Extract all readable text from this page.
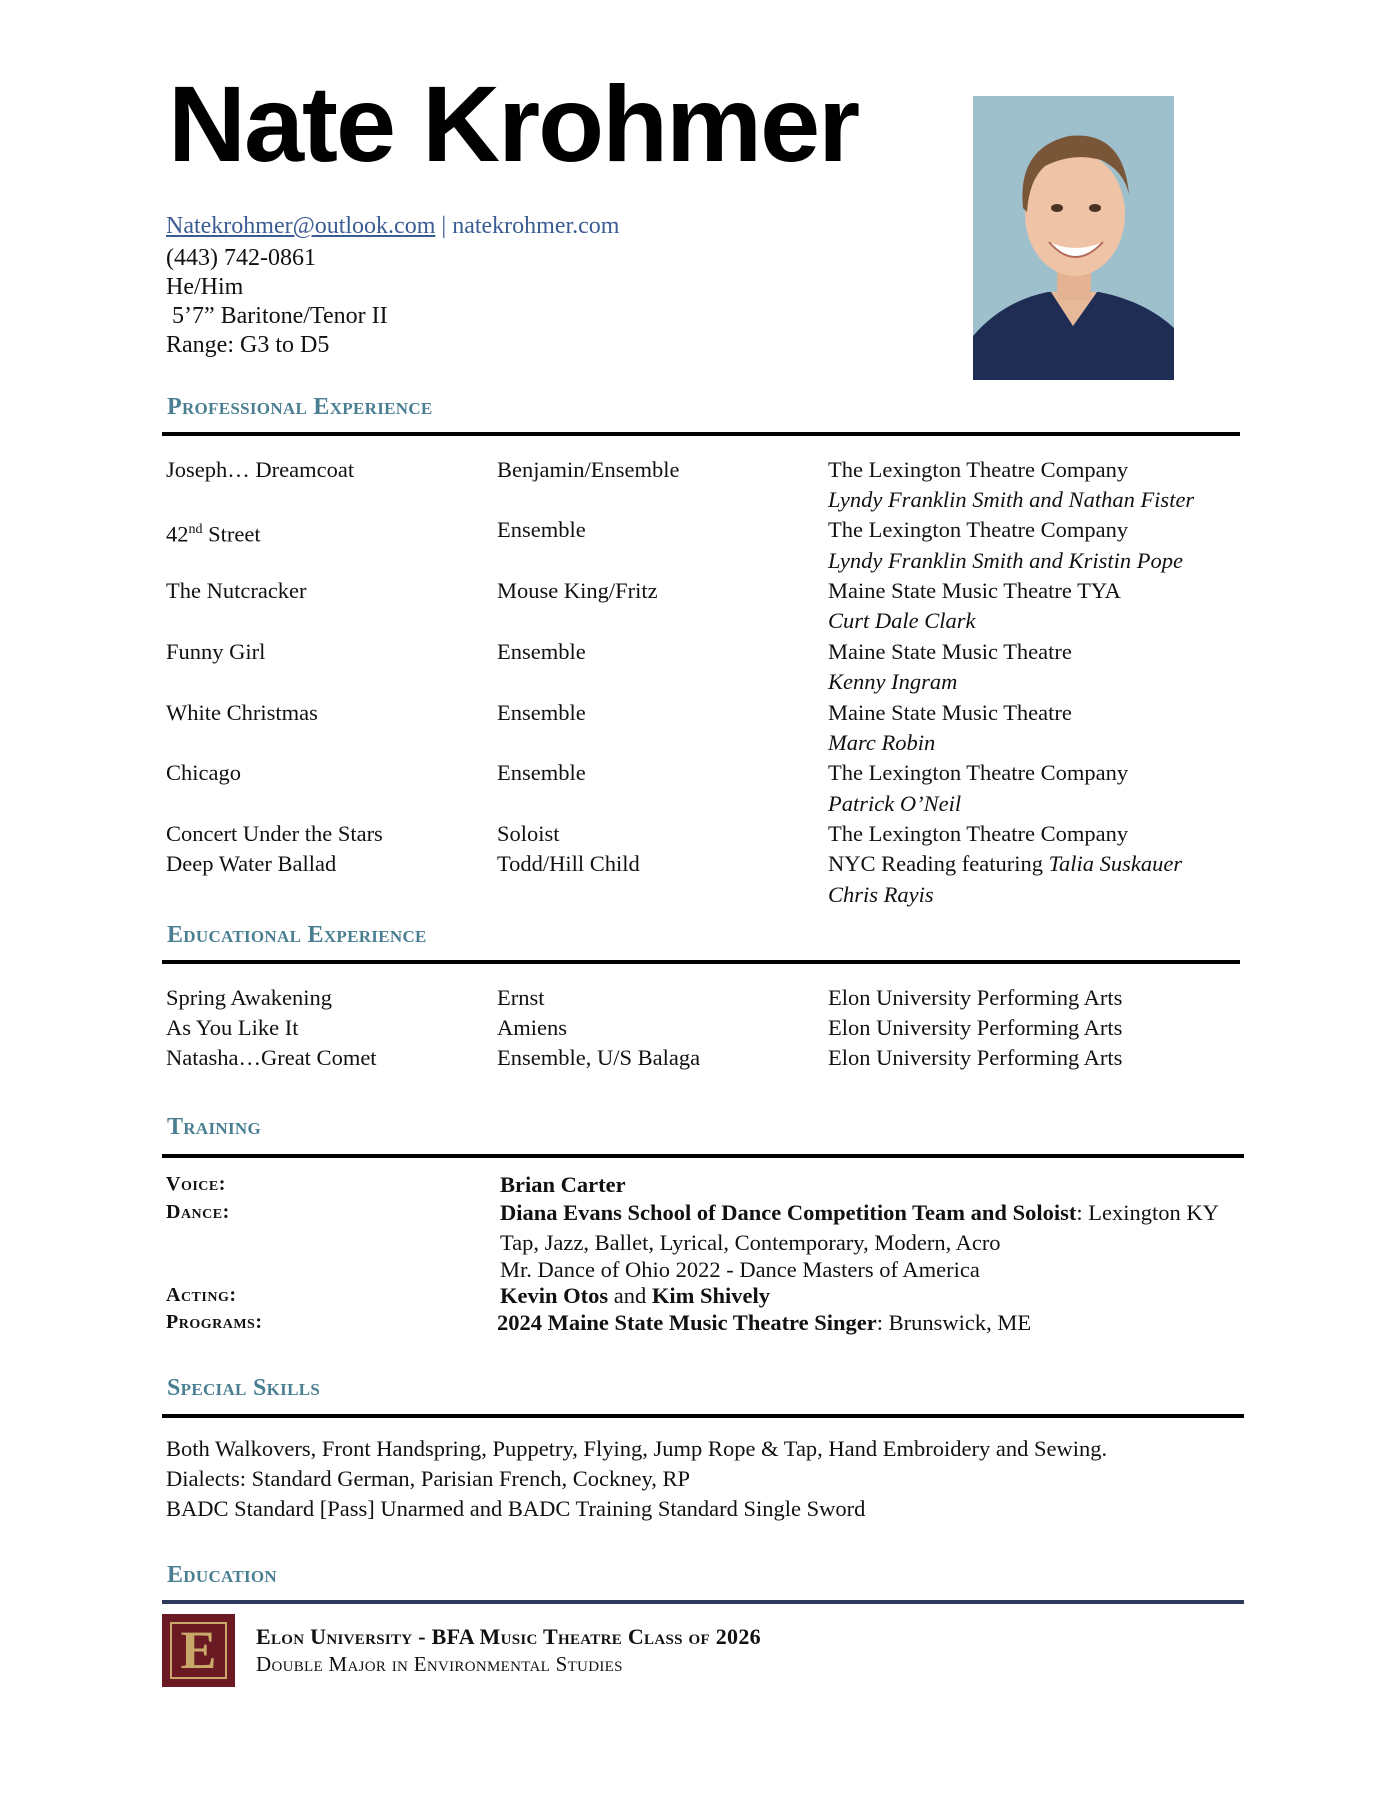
Nate Krohmer
Natekrohmer@outlook.com | natekrohmer.com
(443) 742-0861
He/Him
5’7” Baritone/Tenor II
Range: G3 to D5
Professional Experience
Joseph… Dreamcoat	Benjamin/Ensemble	The Lexington Theatre Company
Lyndy Franklin Smith and Nathan Fister
42nd Street	Ensemble	The Lexington Theatre Company
Lyndy Franklin Smith and Kristin Pope
The Nutcracker	Mouse King/Fritz	Maine State Music Theatre TYA
Curt Dale Clark
Funny Girl	Ensemble	Maine State Music Theatre
Kenny Ingram
White Christmas	Ensemble	Maine State Music Theatre
Marc Robin
Chicago	Ensemble	The Lexington Theatre Company
Patrick O’Neil
Concert Under the Stars	Soloist	The Lexington Theatre Company
Deep Water Ballad	Todd/Hill Child	NYC Reading featuring Talia Suskauer
Chris Rayis
Educational Experience
Spring Awakening	Ernst	Elon University Performing Arts
As You Like It	Amiens	Elon University Performing Arts
Natasha…Great Comet	Ensemble, U/S Balaga	Elon University Performing Arts
Training
Voice:	Brian Carter
Dance:	Diana Evans School of Dance Competition Team and Soloist: Lexington KY
Tap, Jazz, Ballet, Lyrical, Contemporary, Modern, Acro
Mr. Dance of Ohio 2022 - Dance Masters of America
Acting:	Kevin Otos and Kim Shively
Programs:	2024 Maine State Music Theatre Singer: Brunswick, ME
Special Skills
Both Walkovers, Front Handspring, Puppetry, Flying, Jump Rope & Tap, Hand Embroidery and Sewing.
Dialects: Standard German, Parisian French, Cockney, RP
BADC Standard [Pass] Unarmed and BADC Training Standard Single Sword
Education
E	Elon University - BFA Music Theatre Class of 2026
Double Major in Environmental Studies
